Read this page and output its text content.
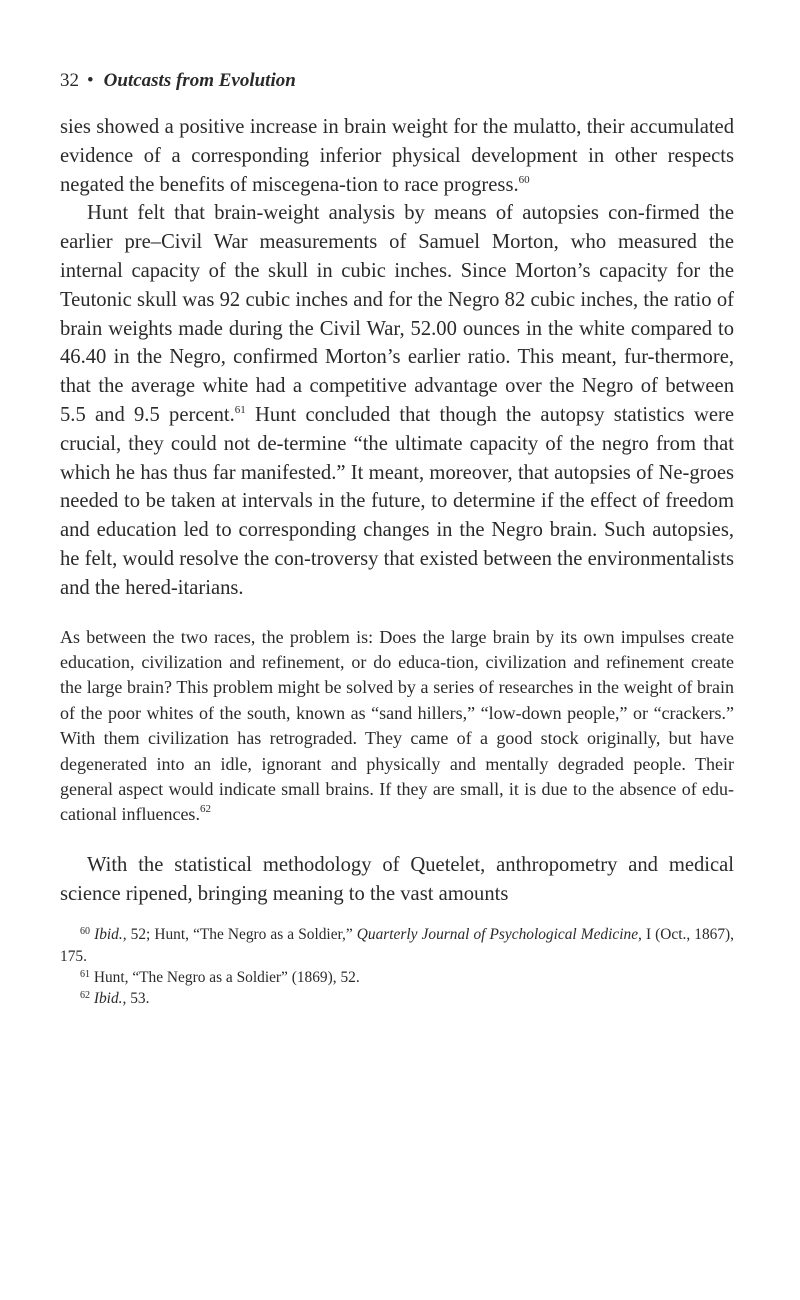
32 • Outcasts from Evolution

sies showed a positive increase in brain weight for the mulatto, their accumulated evidence of a corresponding inferior physical development in other respects negated the benefits of miscegena-tion to race progress.$^{60}$

Hunt felt that brain-weight analysis by means of autopsies con-firmed the earlier pre–Civil War measurements of Samuel Morton, who measured the internal capacity of the skull in cubic inches. Since Morton’s capacity for the Teutonic skull was 92 cubic inches and for the Negro 82 cubic inches, the ratio of brain weights made during the Civil War, 52.00 ounces in the white compared to 46.40 in the Negro, confirmed Morton’s earlier ratio. This meant, fur-thermore, that the average white had a competitive advantage over the Negro of between 5.5 and 9.5 percent.$^{61}$ Hunt concluded that though the autopsy statistics were crucial, they could not de-termine “the ultimate capacity of the negro from that which he has thus far manifested.” It meant, moreover, that autopsies of Ne-groes needed to be taken at intervals in the future, to determine if the effect of freedom and education led to corresponding changes in the Negro brain. Such autopsies, he felt, would resolve the con-troversy that existed between the environmentalists and the hered-itarians.

As between the two races, the problem is: Does the large brain by its own impulses create education, civilization and refinement, or do educa-tion, civilization and refinement create the large brain? This problem might be solved by a series of researches in the weight of brain of the poor whites of the south, known as “sand hillers,” “low-down people,” or “crackers.” With them civilization has retrograded. They came of a good stock originally, but have degenerated into an idle, ignorant and physically and mentally degraded people. Their general aspect would indicate small brains. If they are small, it is due to the absence of edu-cational influences.$^{62}$

With the statistical methodology of Quetelet, anthropometry and medical science ripened, bringing meaning to the vast amounts

$^{60}$ Ibid., 52; Hunt, “The Negro as a Soldier,” Quarterly Journal of Psychological Medicine, I (Oct., 1867), 175.

$^{61}$ Hunt, “The Negro as a Soldier” (1869), 52.

$^{62}$ Ibid., 53.
